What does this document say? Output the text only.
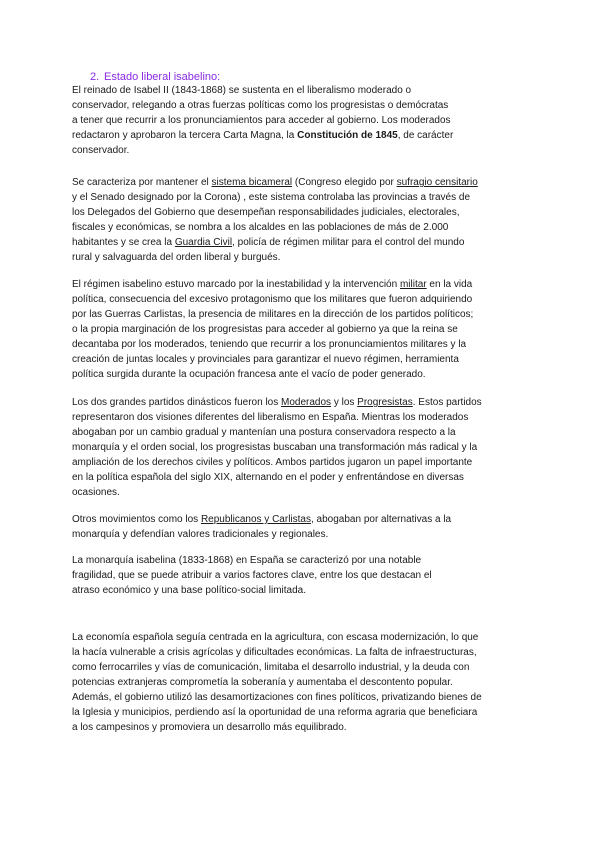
2. Estado liberal isabelino:
El reinado de Isabel II (1843-1868) se sustenta en el liberalismo moderado o
conservador, relegando a otras fuerzas políticas como los progresistas o demócratas
a tener que recurrir a los pronunciamientos para acceder al gobierno. Los moderados
redactaron y aprobaron la tercera Carta Magna, la Constitución de 1845, de carácter
conservador.
Se caracteriza por mantener el sistema bicameral (Congreso elegido por sufragio censitario
y el Senado designado por la Corona) , este sistema controlaba las provincias a través de
los Delegados del Gobierno que desempeñan responsabilidades judiciales, electorales,
fiscales y económicas, se nombra a los alcaldes en las poblaciones de más de 2.000
habitantes y se crea la Guardia Civil, policía de régimen militar para el control del mundo
rural y salvaguarda del orden liberal y burgués.
El régimen isabelino estuvo marcado por la inestabilidad y la intervención militar en la vida
política, consecuencia del excesivo protagonismo que los militares que fueron adquiriendo
por las Guerras Carlistas, la presencia de militares en la dirección de los partidos políticos;
o la propia marginación de los progresistas para acceder al gobierno ya que la reina se
decantaba por los moderados, teniendo que recurrir a los pronunciamientos militares y la
creación de juntas locales y provinciales para garantizar el nuevo régimen, herramienta
política surgida durante la ocupación francesa ante el vacío de poder generado.
Los dos grandes partidos dinásticos fueron los Moderados y los Progresistas. Estos partidos
representaron dos visiones diferentes del liberalismo en España. Mientras los moderados
abogaban por un cambio gradual y mantenían una postura conservadora respecto a la
monarquía y el orden social, los progresistas buscaban una transformación más radical y la
ampliación de los derechos civiles y políticos. Ambos partidos jugaron un papel importante
en la política española del siglo XIX, alternando en el poder y enfrentándose en diversas
ocasiones.
Otros movimientos como los Republicanos y Carlistas, abogaban por alternativas a la
monarquía y defendían valores tradicionales y regionales.
La monarquía isabelina (1833-1868) en España se caracterizó por una notable
fragilidad, que se puede atribuir a varios factores clave, entre los que destacan el
atraso económico y una base político-social limitada.
La economía española seguía centrada en la agricultura, con escasa modernización, lo que
la hacía vulnerable a crisis agrícolas y dificultades económicas. La falta de infraestructuras,
como ferrocarriles y vías de comunicación, limitaba el desarrollo industrial, y la deuda con
potencias extranjeras comprometía la soberanía y aumentaba el descontento popular.
Además, el gobierno utilizó las desamortizaciones con fines políticos, privatizando bienes de
la Iglesia y municipios, perdiendo así la oportunidad de una reforma agraria que beneficiara
a los campesinos y promoviera un desarrollo más equilibrado.
